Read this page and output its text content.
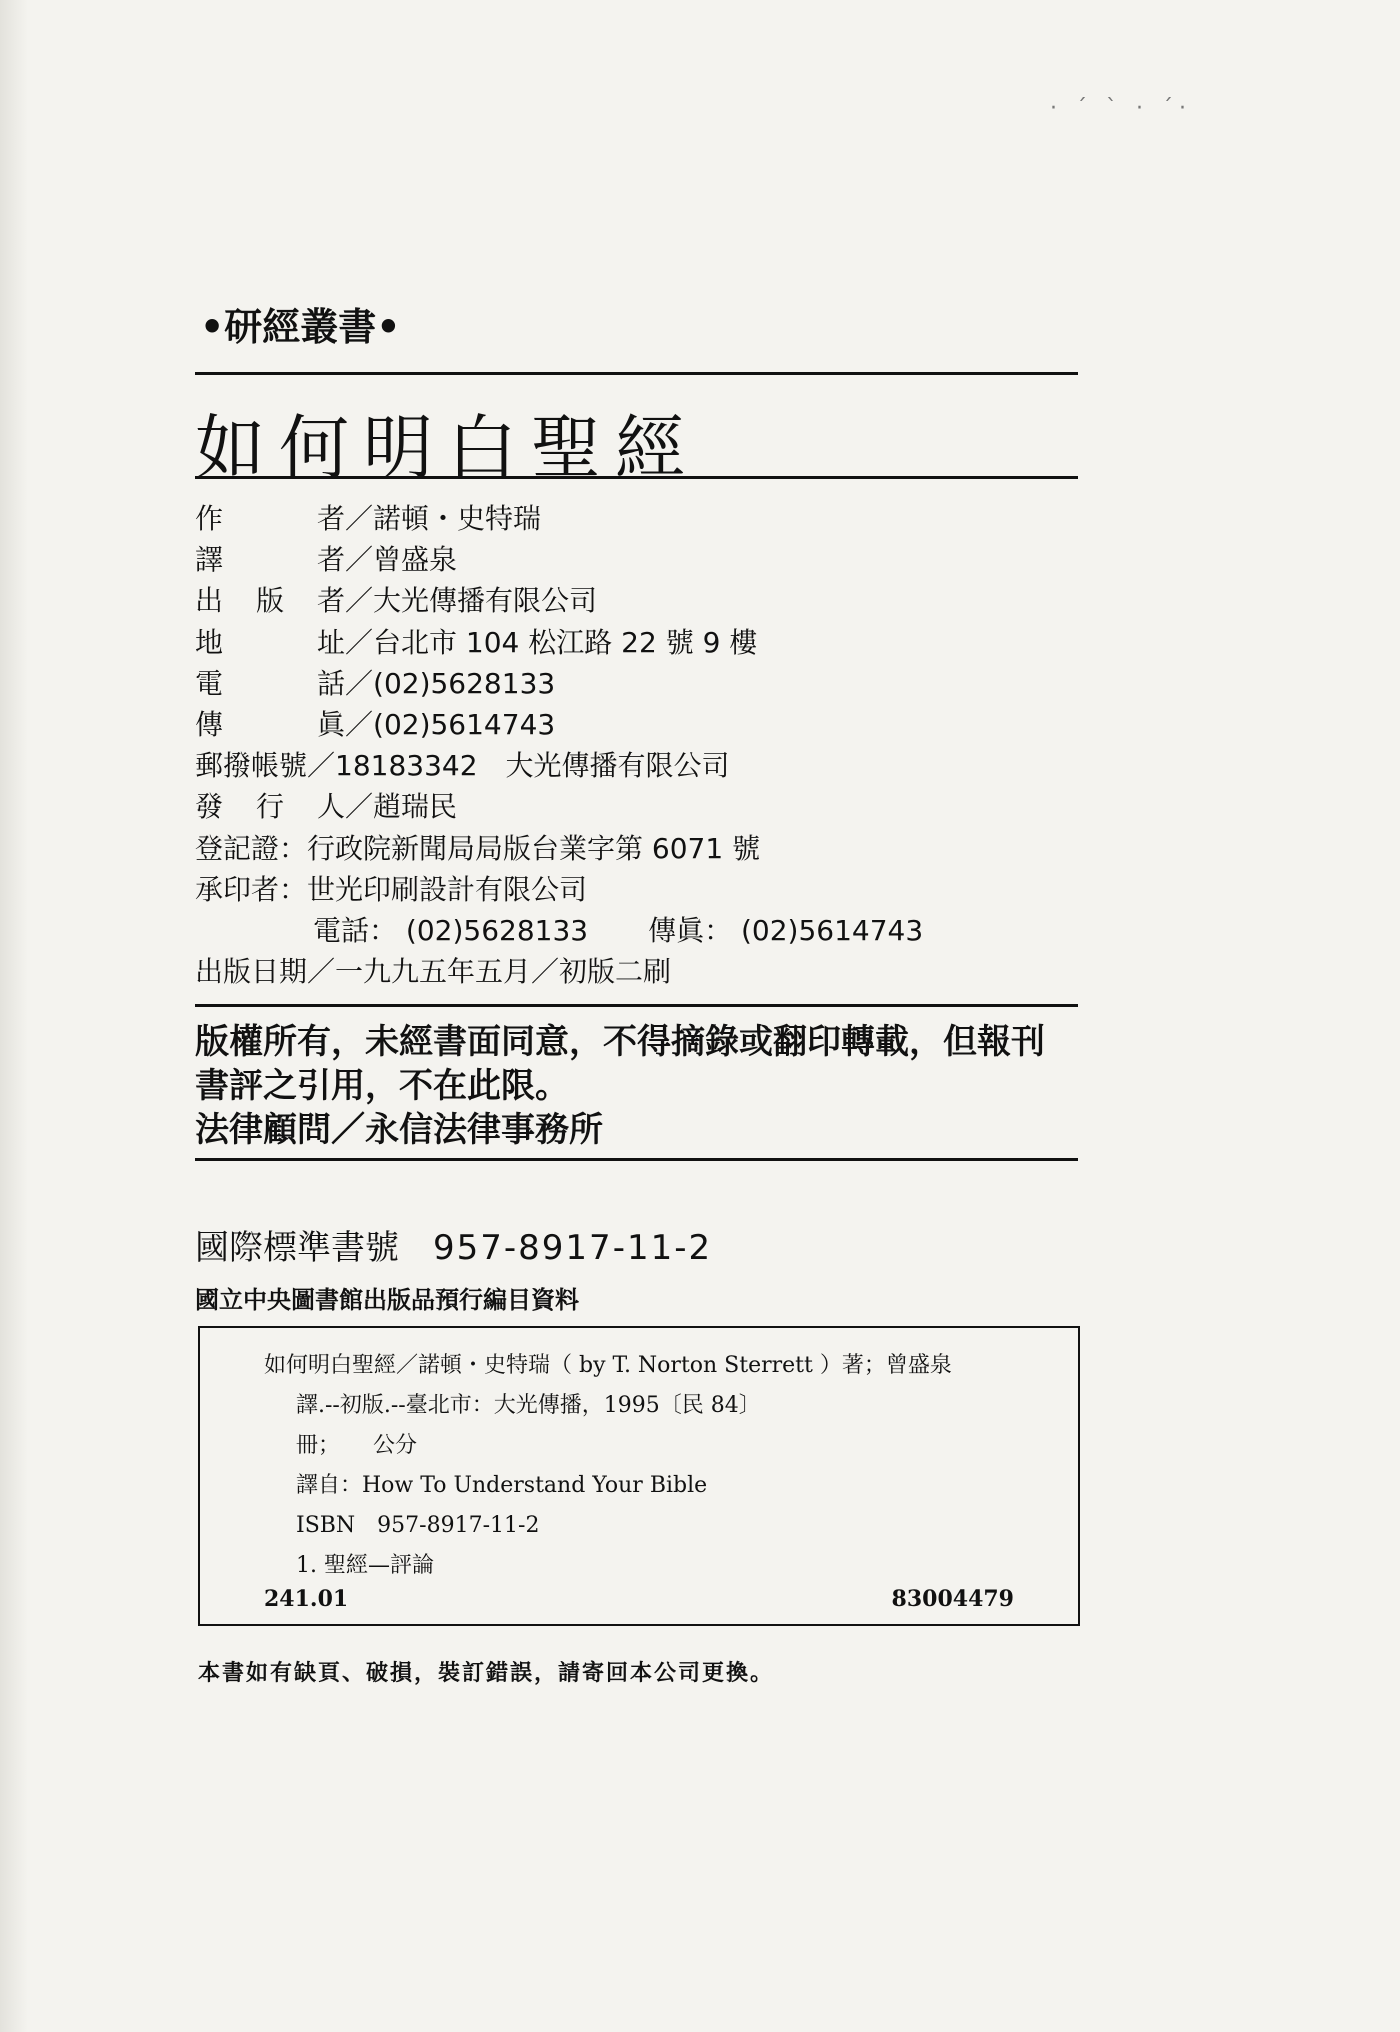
· ˊ ˋ · ˊ·
•研經叢書•
如何明白聖經
作	者 ／ 諾頓・史特瑞
譯	者 ／ 曾盛泉
出 版 者 ／ 大光傳播有限公司
地	址 ／ 台北市 104 松江路 22 號 9 樓
電	話 ／ (02)5628133
傳	眞 ／ (02)5614743
郵撥帳號 ／ 18183342　大光傳播有限公司
發 行 人 ／ 趙瑞民
登記證 ： 行政院新聞局局版台業字第 6071 號
承印者 ： 世光印刷設計有限公司
電話： (02)5628133 傳眞： (02)5614743
出版日期 ／ 一九九五年五月／初版二刷
版權所有，未經書面同意，不得摘錄或翻印轉載，但報刊
書評之引用，不在此限。
法律顧問／永信法律事務所
國際標準書號 957-8917-11-2
國立中央圖書館出版品預行編目資料
如何明白聖經／諾頓・史特瑞（ by T. Norton Sterrett ）著；曾盛泉
譯.--初版.--臺北市：大光傳播，1995〔民 84〕
冊；　　公分
譯自：How To Understand Your Bible
ISBN　957-8917-11-2
1. 聖經—評論
241.01	83004479
本書如有缺頁、破損，裝訂錯誤，請寄回本公司更換。
